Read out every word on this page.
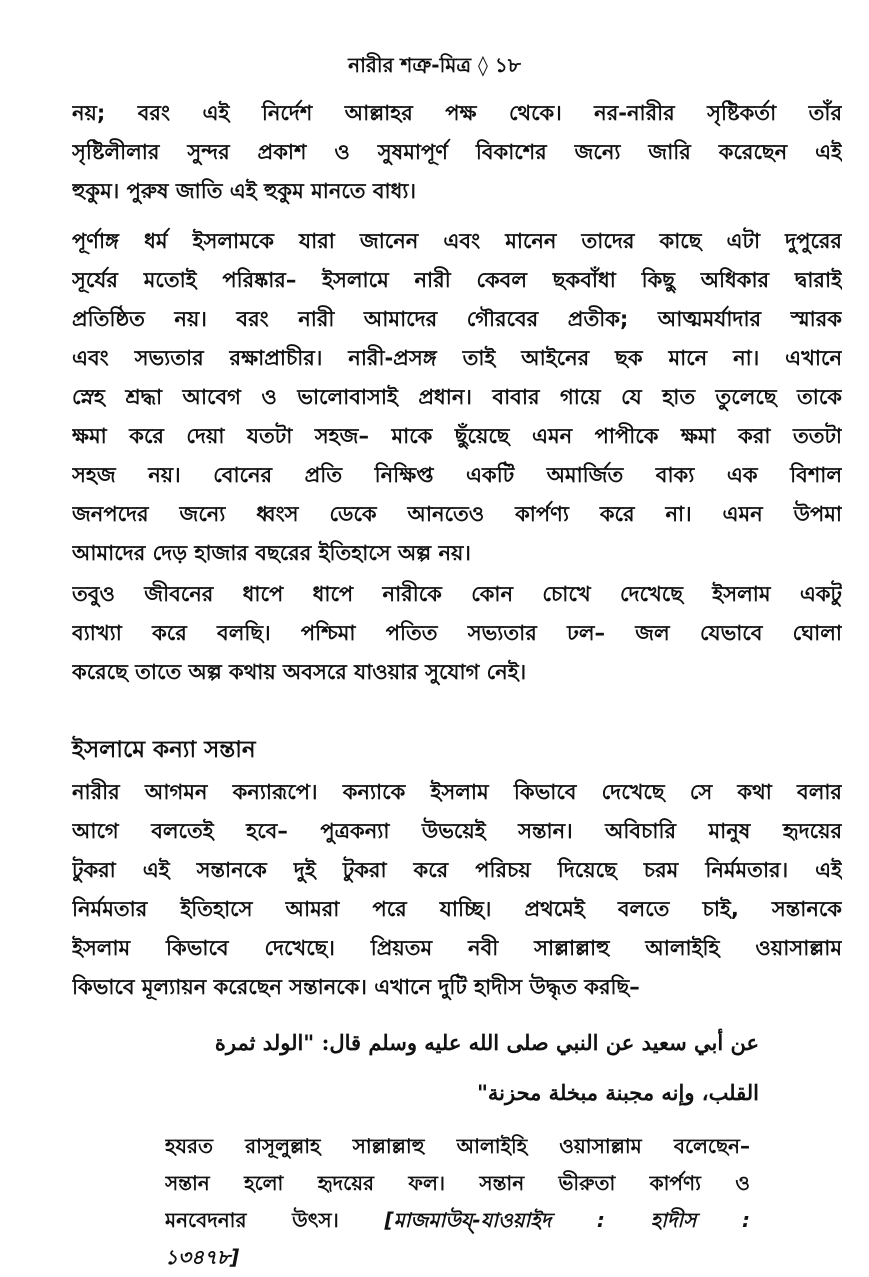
নারীর শত্রু-মিত্র ◊ ১৮
নয়; বরং এই নির্দেশ আল্লাহর পক্ষ থেকে। নর-নারীর সৃষ্টিকর্তা তাঁর
সৃষ্টিলীলার সুন্দর প্রকাশ ও সুষমাপূর্ণ বিকাশের জন্যে জারি করেছেন এই
হুকুম। পুরুষ জাতি এই হুকুম মানতে বাধ্য।
পূর্ণাঙ্গ ধর্ম ইসলামকে যারা জানেন এবং মানেন তাদের কাছে এটা দুপুরের
সূর্যের মতোই পরিষ্কার– ইসলামে নারী কেবল ছকবাঁধা কিছু অধিকার দ্বারাই
প্রতিষ্ঠিত নয়। বরং নারী আমাদের গৌরবের প্রতীক; আত্মমর্যাদার স্মারক
এবং সভ্যতার রক্ষাপ্রাচীর। নারী-প্রসঙ্গ তাই আইনের ছক মানে না। এখানে
স্নেহ শ্রদ্ধা আবেগ ও ভালোবাসাই প্রধান। বাবার গায়ে যে হাত তুলেছে তাকে
ক্ষমা করে দেয়া যতটা সহজ– মাকে ছুঁয়েছে এমন পাপীকে ক্ষমা করা ততটা
সহজ নয়। বোনের প্রতি নিক্ষিপ্ত একটি অমার্জিত বাক্য এক বিশাল
জনপদের জন্যে ধ্বংস ডেকে আনতেও কার্পণ্য করে না। এমন উপমা
আমাদের দেড় হাজার বছরের ইতিহাসে অল্প নয়।
তবুও জীবনের ধাপে ধাপে নারীকে কোন চোখে দেখেছে ইসলাম একটু
ব্যাখ্যা করে বলছি। পশ্চিমা পতিত সভ্যতার ঢল– জল যেভাবে ঘোলা
করেছে তাতে অল্প কথায় অবসরে যাওয়ার সুযোগ নেই।
ইসলামে কন্যা সন্তান
নারীর আগমন কন্যারূপে। কন্যাকে ইসলাম কিভাবে দেখেছে সে কথা বলার
আগে বলতেই হবে– পুত্রকন্যা উভয়েই সন্তান। অবিচারি মানুষ হৃদয়ের
টুকরা এই সন্তানকে দুই টুকরা করে পরিচয় দিয়েছে চরম নির্মমতার। এই
নির্মমতার ইতিহাসে আমরা পরে যাচ্ছি। প্রথমেই বলতে চাই, সন্তানকে
ইসলাম কিভাবে দেখেছে। প্রিয়তম নবী সাল্লাল্লাহু আলাইহি ওয়াসাল্লাম
কিভাবে মূল্যায়ন করেছেন সন্তানকে। এখানে দুটি হাদীস উদ্ধৃত করছি–
عن أبي سعيد عن النبي صلى الله عليه وسلم قال: "الولد ثمرة
القلب، وإنه مجبنة مبخلة محزنة"
হযরত রাসূলুল্লাহ সাল্লাল্লাহু আলাইহি ওয়াসাল্লাম বলেছেন–
সন্তান হলো হৃদয়ের ফল। সন্তান ভীরুতা কার্পণ্য ও
মনবেদনার উৎস। [মাজমাউয্-যাওয়াইদ : হাদীস :
১৩৪৭৮]
